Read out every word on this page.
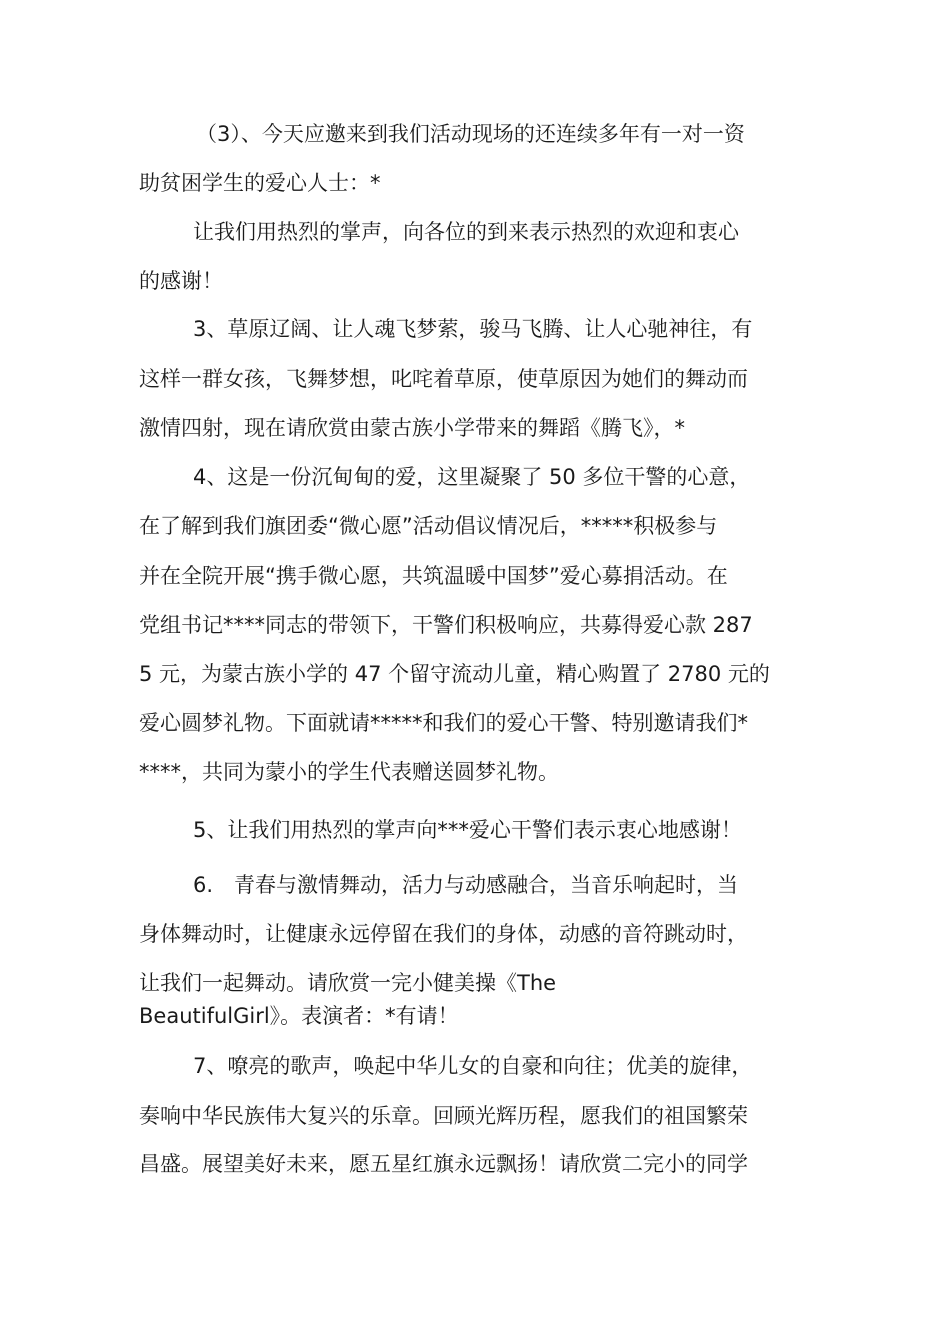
（3）、今天应邀来到我们活动现场的还连续多年有一对一资
助贫困学生的爱心人士：*
让我们用热烈的掌声，向各位的到来表示热烈的欢迎和衷心
的感谢！
3、草原辽阔、让人魂飞梦萦，骏马飞腾、让人心驰神往，有
这样一群女孩，飞舞梦想，叱咤着草原，使草原因为她们的舞动而
激情四射，现在请欣赏由蒙古族小学带来的舞蹈《腾飞》，*
4、这是一份沉甸甸的爱，这里凝聚了 50 多位干警的心意，
在了解到我们旗团委“微心愿”活动倡议情况后，*****积极参与
并在全院开展“携手微心愿，共筑温暖中国梦”爱心募捐活动。在
党组书记****同志的带领下，干警们积极响应，共募得爱心款 287
5 元，为蒙古族小学的 47 个留守流动儿童，精心购置了 2780 元的
爱心圆梦礼物。下面就请*****和我们的爱心干警、特别邀请我们*
****，共同为蒙小的学生代表赠送圆梦礼物。
5、让我们用热烈的掌声向***爱心干警们表示衷心地感谢！
6.　青春与激情舞动，活力与动感融合，当音乐响起时，当
身体舞动时，让健康永远停留在我们的身体，动感的音符跳动时，
让我们一起舞动。请欣赏一完小健美操《The
BeautifulGirl》。表演者：*有请！
7、嘹亮的歌声，唤起中华儿女的自豪和向往；优美的旋律，
奏响中华民族伟大复兴的乐章。回顾光辉历程，愿我们的祖国繁荣
昌盛。展望美好未来，愿五星红旗永远飘扬！请欣赏二完小的同学
